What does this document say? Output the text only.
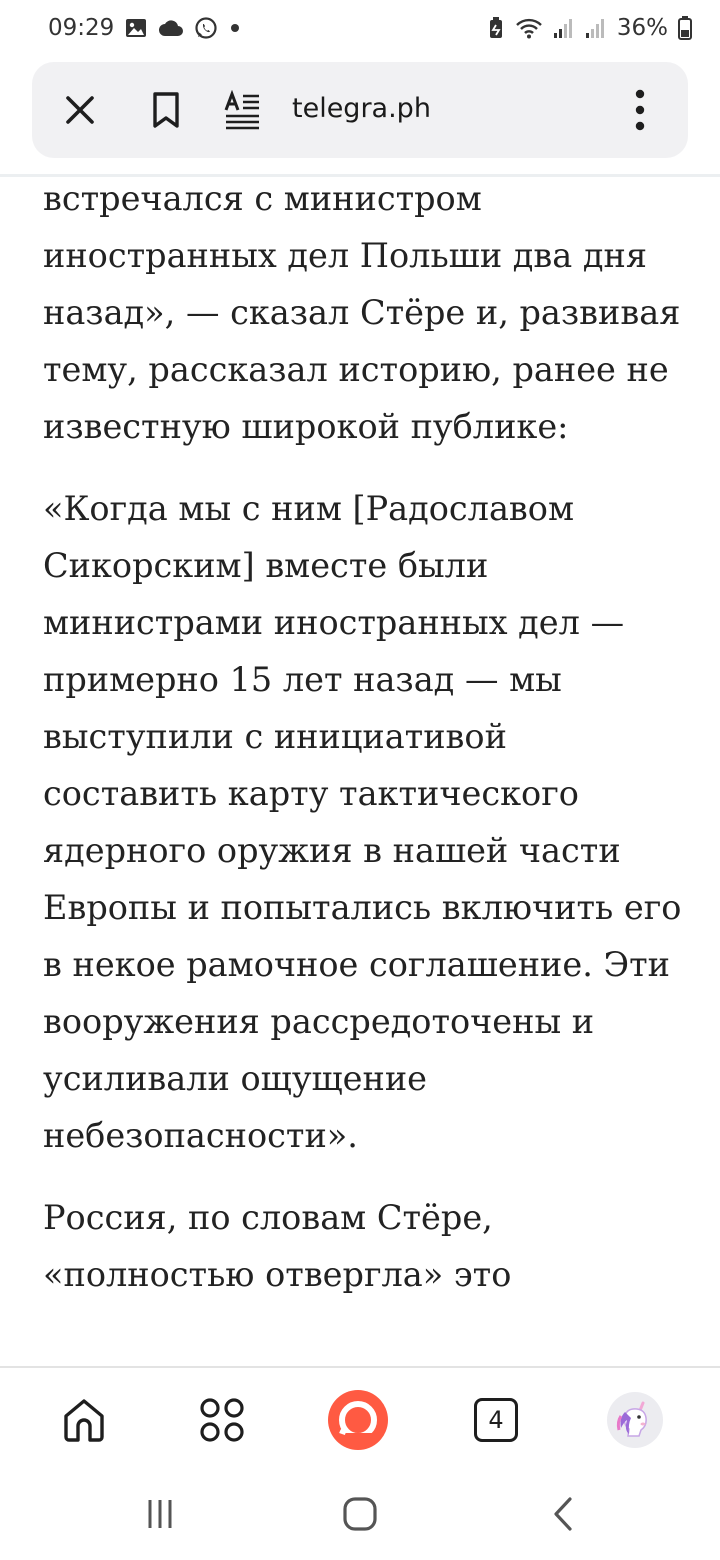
09:29	36%
telegra.ph

встречался с министром иностранных дел Польши два дня назад», — сказал Стёре и, развивая тему, рассказал историю, ранее не известную широкой публике:

«Когда мы с ним [Радославом Сикорским] вместе были министрами иностранных дел — примерно 15 лет назад — мы выступили с инициативой составить карту тактического ядерного оружия в нашей части Европы и попытались включить его в некое рамочное соглашение. Эти вооружения рассредоточены и усиливали ощущение небезопасности».

Россия, по словам Стёре, «полностью отвергла» это

4
